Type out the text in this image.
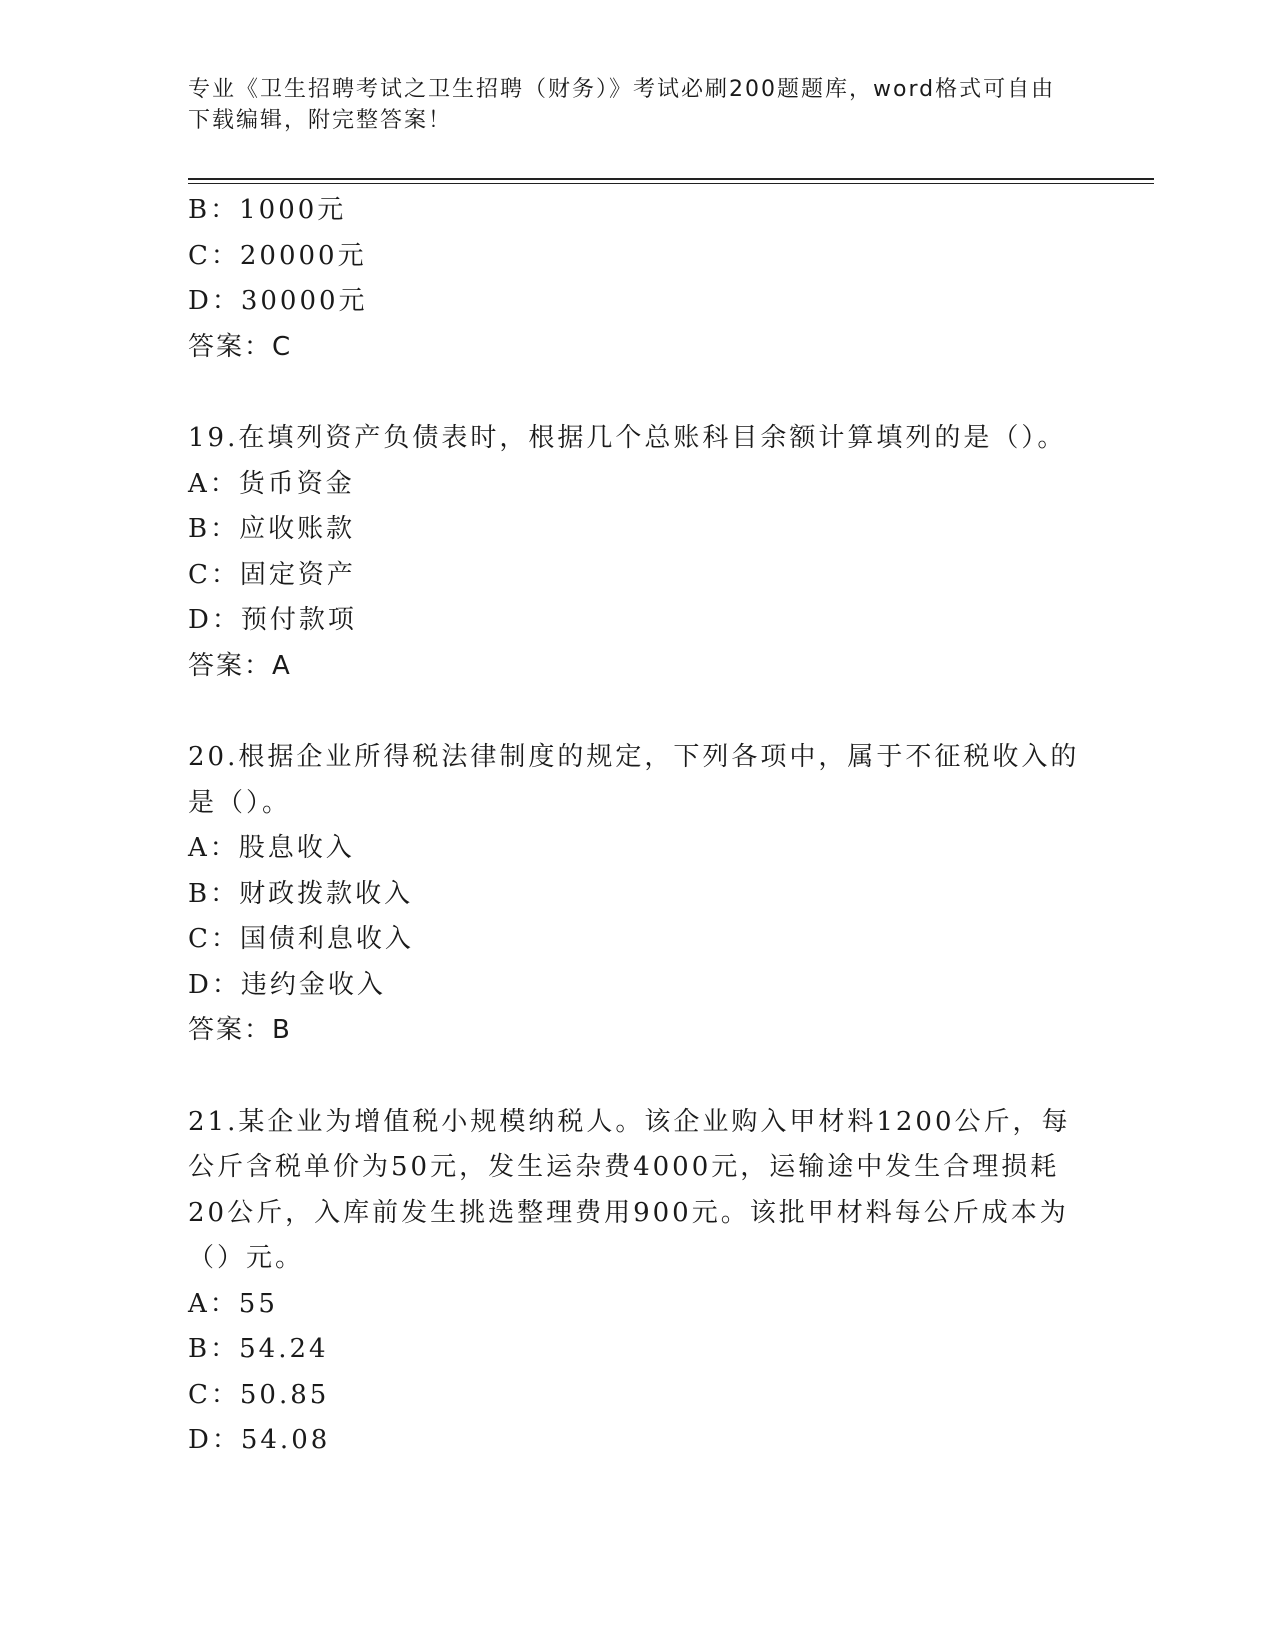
专业《卫生招聘考试之卫生招聘（财务）》考试必刷200题题库，word格式可自由下载编辑，附完整答案！
B：1000元
C：20000元
D：30000元
答案：C
19.在填列资产负债表时，根据几个总账科目余额计算填列的是（）。
A：货币资金
B：应收账款
C：固定资产
D：预付款项
答案：A
20.根据企业所得税法律制度的规定，下列各项中，属于不征税收入的
是（）。
A：股息收入
B：财政拨款收入
C：国债利息收入
D：违约金收入
答案：B
21.某企业为增值税小规模纳税人。该企业购入甲材料1200公斤，每
公斤含税单价为50元，发生运杂费4000元，运输途中发生合理损耗
20公斤，入库前发生挑选整理费用900元。该批甲材料每公斤成本为
（）元。
A：55
B：54.24
C：50.85
D：54.08
